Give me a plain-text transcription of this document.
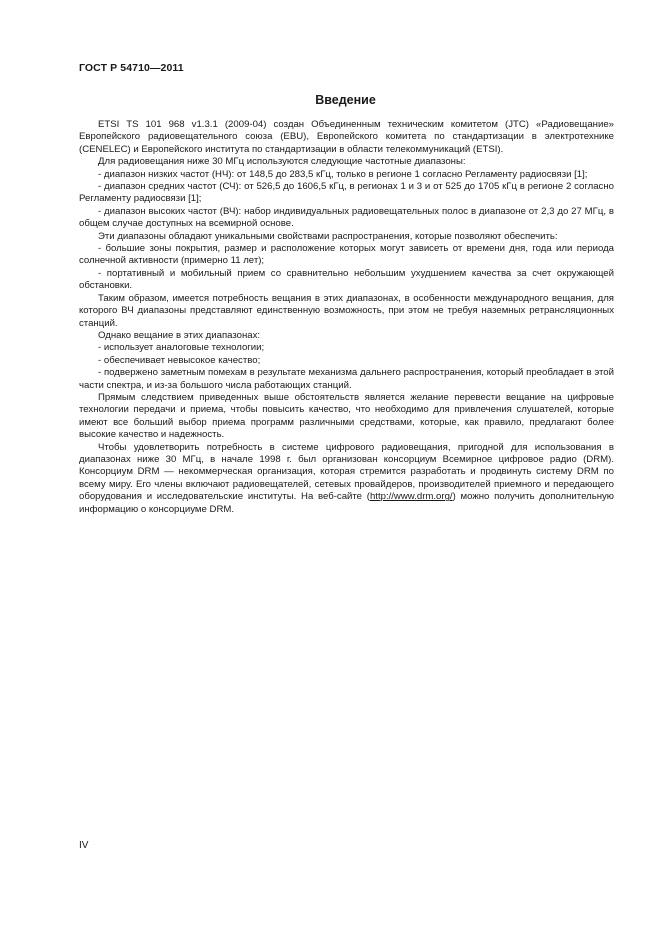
ГОСТ Р 54710—2011
Введение

ETSI TS 101 968 v1.3.1 (2009-04) создан Объединенным техническим комитетом (JTC) «Радиовещание» Европейского радиовещательного союза (EBU), Европейского комитета по стандартизации в электротехнике (CENELEC) и Европейского института по стандартизации в области телекоммуникаций (ETSI).

Для радиовещания ниже 30 МГц используются следующие частотные диапазоны:

- диапазон низких частот (НЧ): от 148,5 до 283,5 кГц, только в регионе 1 согласно Регламенту радиосвязи [1];

- диапазон средних частот (СЧ): от 526,5 до 1606,5 кГц, в регионах 1 и 3 и от 525 до 1705 кГц в регионе 2 согласно Регламенту радиосвязи [1];

- диапазон высоких частот (ВЧ): набор индивидуальных радиовещательных полос в диапазоне от 2,3 до 27 МГц, в общем случае доступных на всемирной основе.

Эти диапазоны обладают уникальными свойствами распространения, которые позволяют обеспечить:

- большие зоны покрытия, размер и расположение которых могут зависеть от времени дня, года или периода солнечной активности (примерно 11 лет);

- портативный и мобильный прием со сравнительно небольшим ухудшением качества за счет окружающей обстановки.

Таким образом, имеется потребность вещания в этих диапазонах, в особенности международного вещания, для которого ВЧ диапазоны представляют единственную возможность, при этом не требуя наземных ретрансляционных станций.

Однако вещание в этих диапазонах:

- использует аналоговые технологии;

- обеспечивает невысокое качество;

- подвержено заметным помехам в результате механизма дальнего распространения, который преобладает в этой части спектра, и из-за большого числа работающих станций.

Прямым следствием приведенных выше обстоятельств является желание перевести вещание на цифровые технологии передачи и приема, чтобы повысить качество, что необходимо для привлечения слушателей, которые имеют все больший выбор приема программ различными средствами, которые, как правило, предлагают более высокие качество и надежность.

Чтобы удовлетворить потребность в системе цифрового радиовещания, пригодной для использования в диапазонах ниже 30 МГц, в начале 1998 г. был организован консорциум Всемирное цифровое радио (DRM). Консорциум DRM — некоммерческая организация, которая стремится разработать и продвинуть систему DRM по всему миру. Его члены включают радиовещателей, сетевых провайдеров, производителей приемного и передающего оборудования и исследовательские институты. На веб-сайте (http://www.drm.org/) можно получить дополнительную информацию о консорциуме DRM.

IV
